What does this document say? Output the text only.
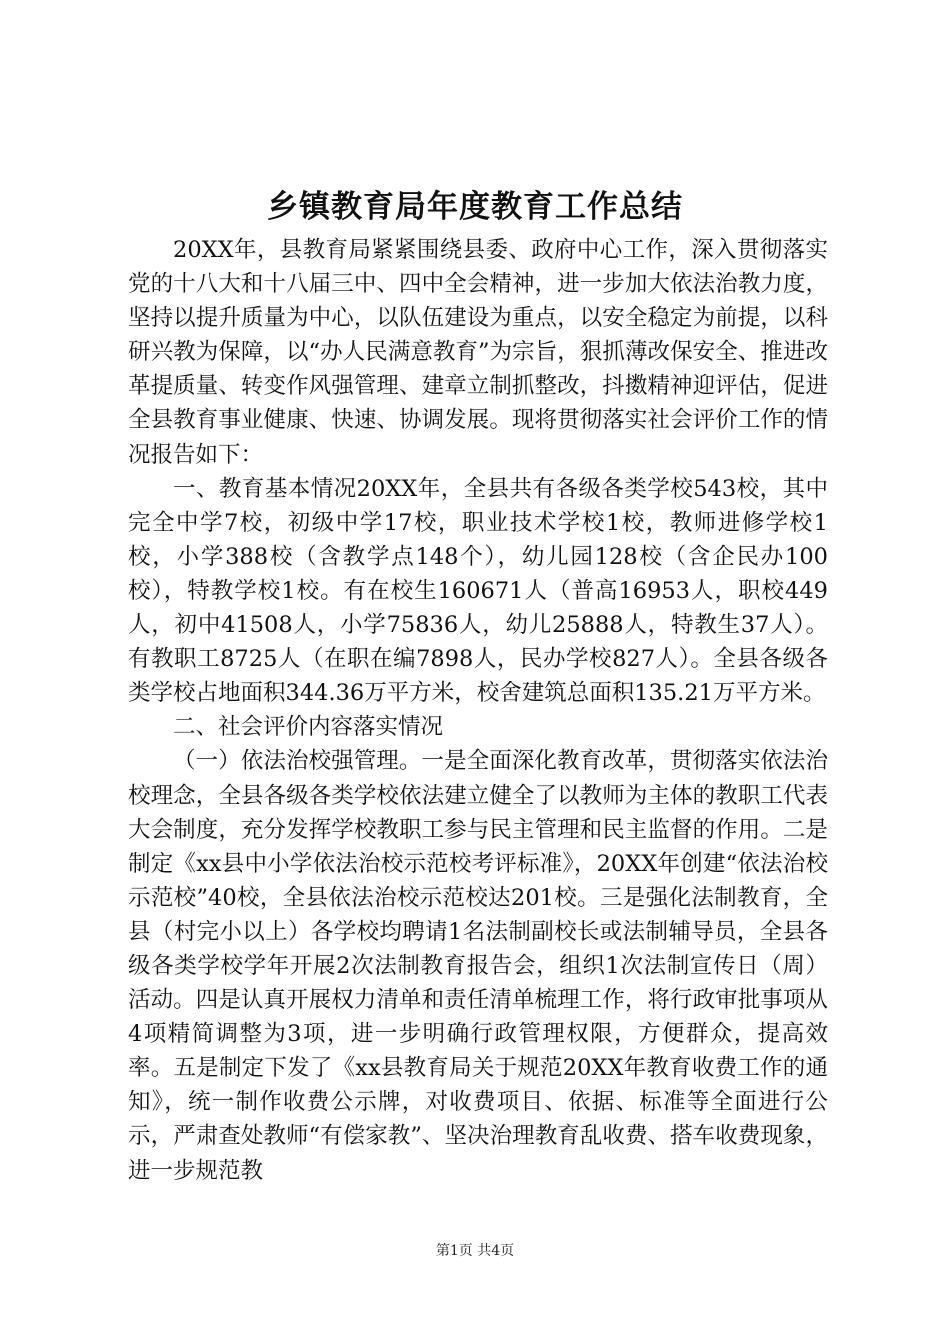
乡镇教育局年度教育工作总结

20XX年，县教育局紧紧围绕县委、政府中心工作，深入贯彻落实党的十八大和十八届三中、四中全会精神，进一步加大依法治教力度，坚持以提升质量为中心，以队伍建设为重点，以安全稳定为前提，以科研兴教为保障，以“办人民满意教育”为宗旨，狠抓薄改保安全、推进改革提质量、转变作风强管理、建章立制抓整改，抖擞精神迎评估，促进全县教育事业健康、快速、协调发展。现将贯彻落实社会评价工作的情况报告如下：

一、教育基本情况20XX年，全县共有各级各类学校543校，其中完全中学7校，初级中学17校，职业技术学校1校，教师进修学校1校，小学388校（含教学点148个），幼儿园128校（含企民办100校），特教学校1校。有在校生160671人（普高16953人，职校449人，初中41508人，小学75836人，幼儿25888人，特教生37人）。有教职工8725人（在职在编7898人，民办学校827人）。全县各级各类学校占地面积344.36万平方米，校舍建筑总面积135.21万平方米。

二、社会评价内容落实情况

（一）依法治校强管理。一是全面深化教育改革，贯彻落实依法治校理念，全县各级各类学校依法建立健全了以教师为主体的教职工代表大会制度，充分发挥学校教职工参与民主管理和民主监督的作用。二是制定《xx县中小学依法治校示范校考评标准》，20XX年创建“依法治校示范校”40校，全县依法治校示范校达201校。三是强化法制教育，全县（村完小以上）各学校均聘请1名法制副校长或法制辅导员，全县各级各类学校学年开展2次法制教育报告会，组织1次法制宣传日（周）活动。四是认真开展权力清单和责任清单梳理工作，将行政审批事项从4项精简调整为3项，进一步明确行政管理权限，方便群众，提高效率。五是制定下发了《xx县教育局关于规范20XX年教育收费工作的通知》，统一制作收费公示牌，对收费项目、依据、标准等全面进行公示，严肃查处教师“有偿家教”、坚决治理教育乱收费、搭车收费现象，进一步规范教

第1页 共4页
